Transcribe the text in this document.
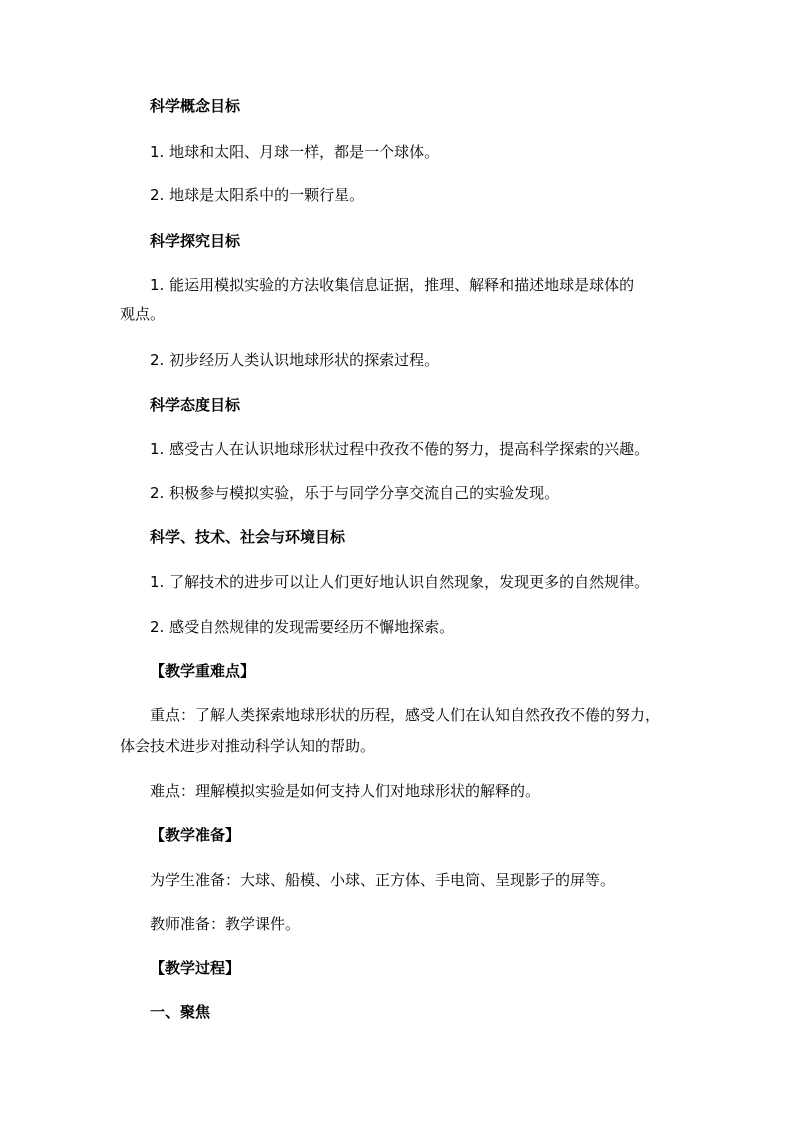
科学概念目标
1. 地球和太阳、月球一样，都是一个球体。
2. 地球是太阳系中的一颗行星。
科学探究目标
1. 能运用模拟实验的方法收集信息证据，推理、解释和描述地球是球体的
观点。
2. 初步经历人类认识地球形状的探索过程。
科学态度目标
1. 感受古人在认识地球形状过程中孜孜不倦的努力，提高科学探索的兴趣。
2. 积极参与模拟实验，乐于与同学分享交流自己的实验发现。
科学、技术、社会与环境目标
1. 了解技术的进步可以让人们更好地认识自然现象，发现更多的自然规律。
2. 感受自然规律的发现需要经历不懈地探索。
【教学重难点】
重点：了解人类探索地球形状的历程，感受人们在认知自然孜孜不倦的努力，
体会技术进步对推动科学认知的帮助。
难点：理解模拟实验是如何支持人们对地球形状的解释的。
【教学准备】
为学生准备：大球、船模、小球、正方体、手电筒、呈现影子的屏等。
教师准备：教学课件。
【教学过程】
一、聚焦
